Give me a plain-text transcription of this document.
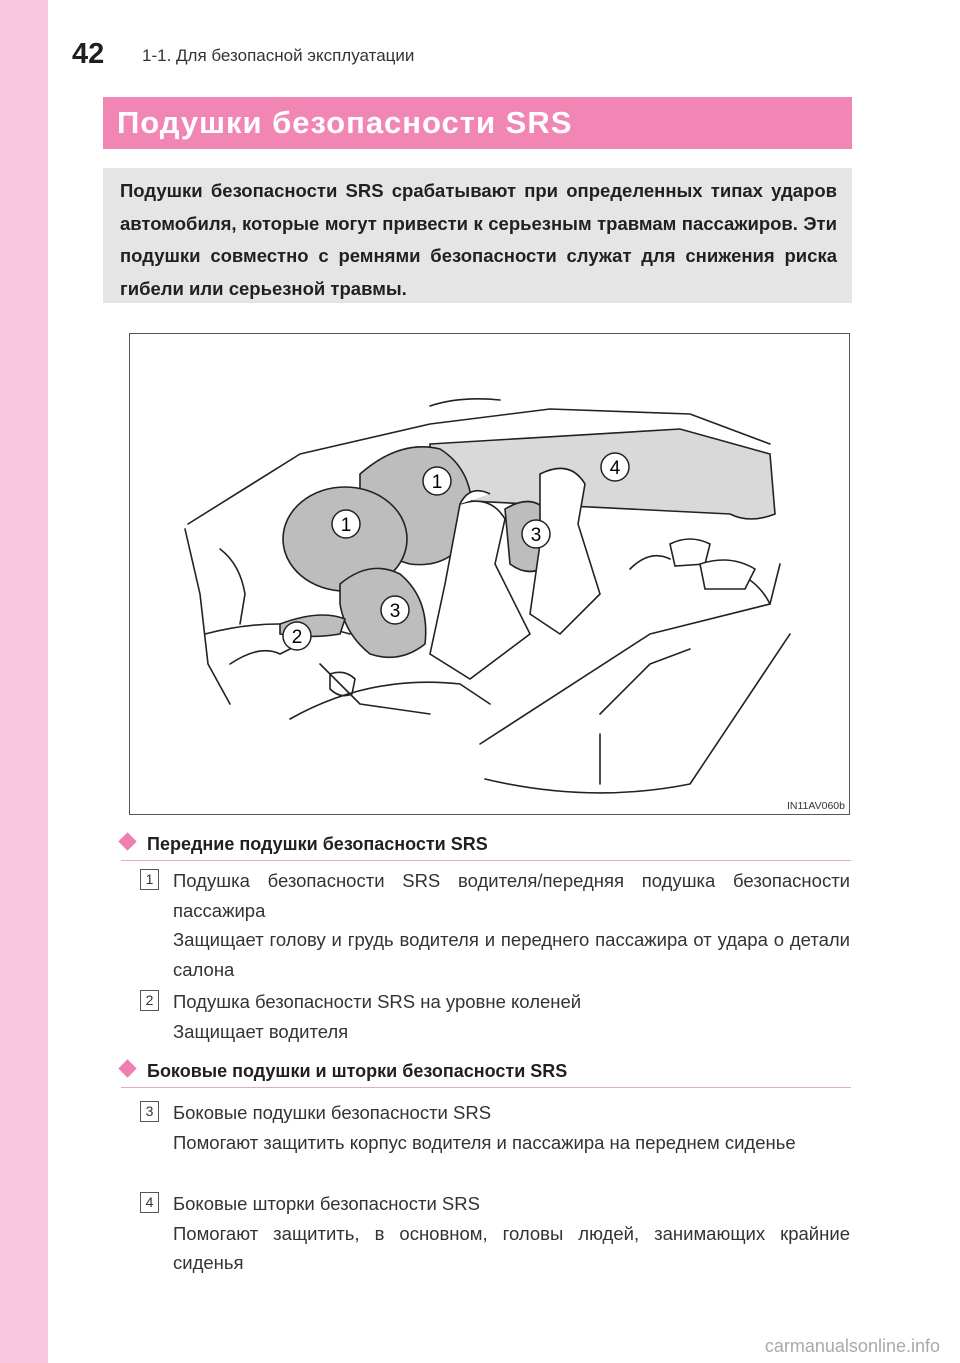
42 1-1. Для безопасной эксплуатации
Подушки безопасности SRS
Подушки безопасности SRS срабатывают при определенных типах ударов автомобиля, которые могут привести к серьезным травмам пассажиров. Эти подушки совместно с ремнями безопасности служат для снижения риска гибели или серьезной травмы.
1
1
2
3
3
4
IN11AV060b
Передние подушки безопасности SRS
1	Подушка безопасности SRS водителя/передняя подушка безопасности пассажира

Защищает голову и грудь водителя и переднего пассажира от удара о детали салона

2	Подушка безопасности SRS на уровне коленей

Защищает водителя

Боковые подушки и шторки безопасности SRS
3	Боковые подушки безопасности SRS

Помогают защитить корпус водителя и пассажира на переднем сиденье

4	Боковые шторки безопасности SRS

Помогают защитить, в основном, головы людей, занимающих крайние сиденья

carmanualsonline.info
